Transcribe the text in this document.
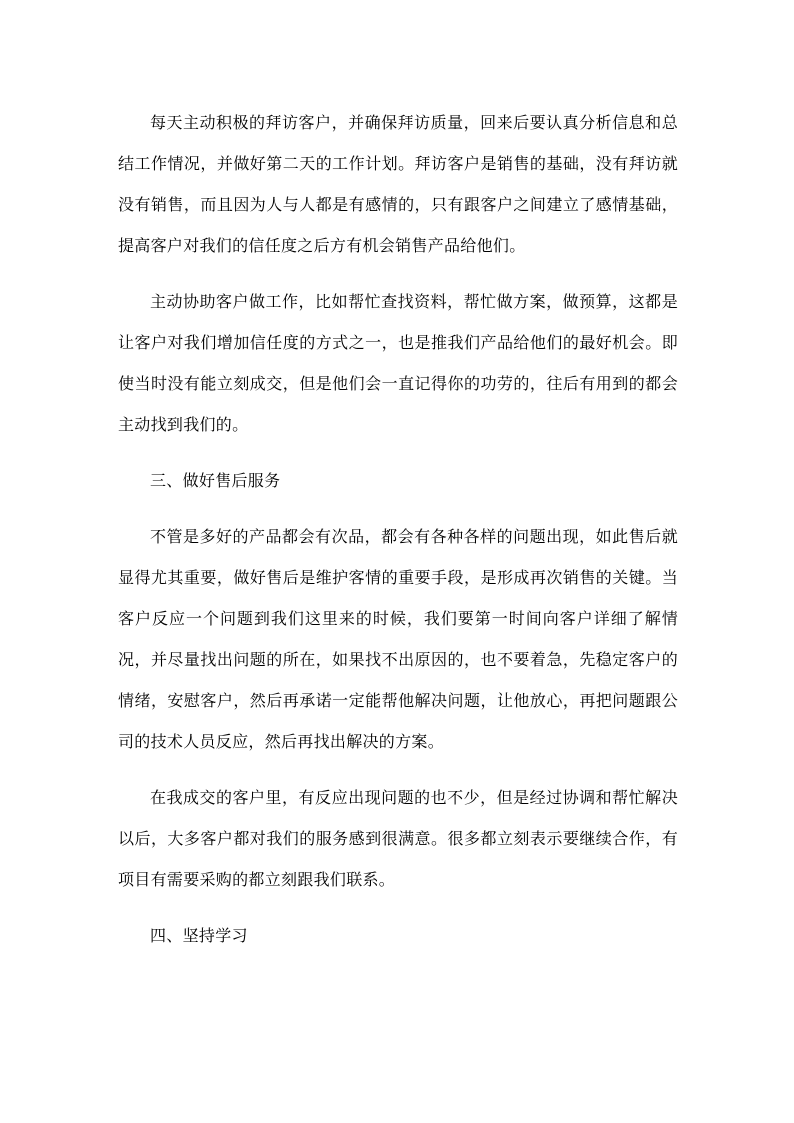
每天主动积极的拜访客户，并确保拜访质量，回来后要认真分析信息和总结工作情况，并做好第二天的工作计划。拜访客户是销售的基础，没有拜访就没有销售，而且因为人与人都是有感情的，只有跟客户之间建立了感情基础，提高客户对我们的信任度之后方有机会销售产品给他们。

主动协助客户做工作，比如帮忙查找资料，帮忙做方案，做预算，这都是让客户对我们增加信任度的方式之一，也是推我们产品给他们的最好机会。即使当时没有能立刻成交，但是他们会一直记得你的功劳的，往后有用到的都会主动找到我们的。

三、做好售后服务

不管是多好的产品都会有次品，都会有各种各样的问题出现，如此售后就显得尤其重要，做好售后是维护客情的重要手段，是形成再次销售的关键。当客户反应一个问题到我们这里来的时候，我们要第一时间向客户详细了解情况，并尽量找出问题的所在，如果找不出原因的，也不要着急，先稳定客户的情绪，安慰客户，然后再承诺一定能帮他解决问题，让他放心，再把问题跟公司的技术人员反应，然后再找出解决的方案。

在我成交的客户里，有反应出现问题的也不少，但是经过协调和帮忙解决以后，大多客户都对我们的服务感到很满意。很多都立刻表示要继续合作，有项目有需要采购的都立刻跟我们联系。

四、坚持学习
